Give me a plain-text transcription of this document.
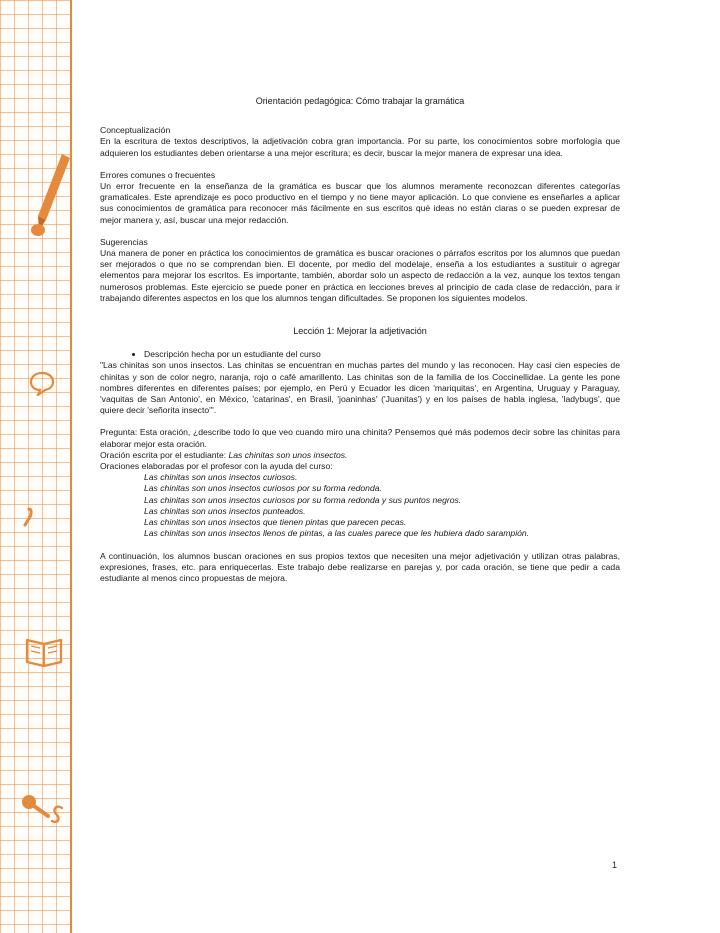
Orientación pedagógica: Cómo trabajar la gramática
Conceptualización

En la escritura de textos descriptivos, la adjetivación cobra gran importancia. Por su parte, los conocimientos sobre morfología que adquieren los estudiantes deben orientarse a una mejor escritura; es decir, buscar la mejor manera de expresar una idea.

Errores comunes o frecuentes

Un error frecuente en la enseñanza de la gramática es buscar que los alumnos meramente reconozcan diferentes categorías gramaticales. Este aprendizaje es poco productivo en el tiempo y no tiene mayor aplicación. Lo que conviene es enseñarles a aplicar sus conocimientos de gramática para reconocer más fácilmente en sus escritos qué ideas no están claras o se pueden expresar de mejor manera y, así, buscar una mejor redacción.

Sugerencias

Una manera de poner en práctica los conocimientos de gramática es buscar oraciones o párrafos escritos por los alumnos que puedan ser mejorados o que no se comprendan bien. El docente, por medio del modelaje, enseña a los estudiantes a sustituir o agregar elementos para mejorar los escritos. Es importante, también, abordar solo un aspecto de redacción a la vez, aunque los textos tengan numerosos problemas. Este ejercicio se puede poner en práctica en lecciones breves al principio de cada clase de redacción, para ir trabajando diferentes aspectos en los que los alumnos tengan dificultades. Se proponen los siguientes modelos.

Lección 1: Mejorar la adjetivación
• Descripción hecha por un estudiante del curso

"Las chinitas son unos insectos. Las chinitas se encuentran en muchas partes del mundo y las reconocen. Hay casi cien especies de chinitas y son de color negro, naranja, rojo o café amarillento. Las chinitas son de la familia de los Coccinellidae. La gente les pone nombres diferentes en diferentes países; por ejemplo, en Perú y Ecuador les dicen 'mariquitas', en Argentina, Uruguay y Paraguay, 'vaquitas de San Antonio', en México, 'catarinas', en Brasil, 'joaninhas' ('Juanitas') y en los países de habla inglesa, 'ladybugs', que quiere decir 'señorita insecto'".

Pregunta: Esta oración, ¿describe todo lo que veo cuando miro una chinita? Pensemos qué más podemos decir sobre las chinitas para elaborar mejor esta oración.
Oración escrita por el estudiante: Las chinitas son unos insectos.
Oraciones elaboradas por el profesor con la ayuda del curso:
Las chinitas son unos insectos curiosos.
Las chinitas son unos insectos curiosos por su forma redonda.
Las chinitas son unos insectos curiosos por su forma redonda y sus puntos negros.
Las chinitas son unos insectos punteados.
Las chinitas son unos insectos que tienen pintas que parecen pecas.
Las chinitas son unos insectos llenos de pintas, a las cuales parece que les hubiera dado sarampión.

A continuación, los alumnos buscan oraciones en sus propios textos que necesiten una mejor adjetivación y utilizan otras palabras, expresiones, frases, etc. para enriquecerlas. Este trabajo debe realizarse en parejas y, por cada oración, se tiene que pedir a cada estudiante al menos cinco propuestas de mejora.

1
